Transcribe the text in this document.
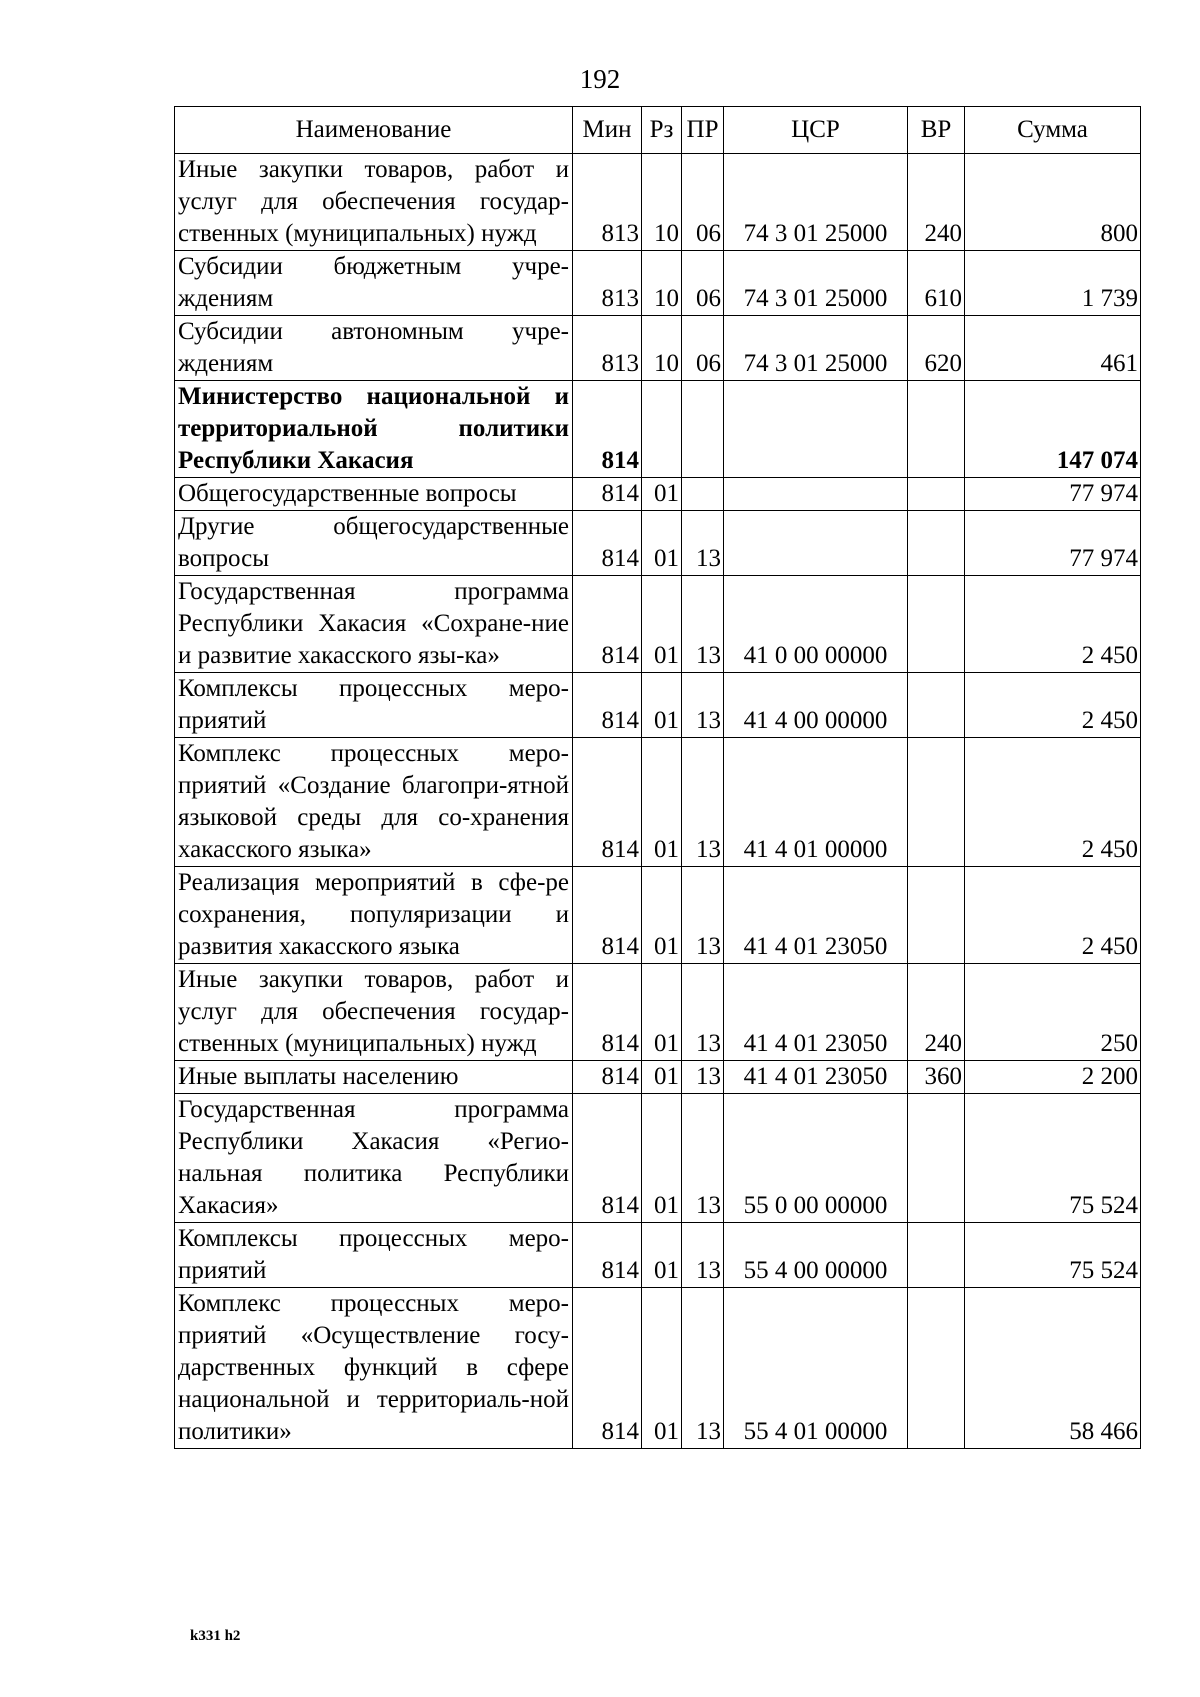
192
Наименование	Мин	Рз	ПР	ЦСР	ВР	Сумма
Иные закупки товаров, работ и услуг для обеспечения государ-ственных (муниципальных) нужд	813	10	06	74 3 01 25000	240	800
Субсидии бюджетным учре-ждениям	813	10	06	74 3 01 25000	610	1 739
Субсидии автономным учре-ждениям	813	10	06	74 3 01 25000	620	461
Министерство национальной и территориальной политики Республики Хакасия	814					147 074
Общегосударственные вопросы	814	01				77 974
Другие общегосударственные вопросы	814	01	13			77 974
Государственная программа Республики Хакасия «Сохране-ние и развитие хакасского язы-ка»	814	01	13	41 0 00 00000		2 450
Комплексы процессных меро-приятий	814	01	13	41 4 00 00000		2 450
Комплекс процессных меро-приятий «Создание благопри-ятной языковой среды для со-хранения хакасского языка»	814	01	13	41 4 01 00000		2 450
Реализация мероприятий в сфе-ре сохранения, популяризации и развития хакасского языка	814	01	13	41 4 01 23050		2 450
Иные закупки товаров, работ и услуг для обеспечения государ-ственных (муниципальных) нужд	814	01	13	41 4 01 23050	240	250
Иные выплаты населению	814	01	13	41 4 01 23050	360	2 200
Государственная программа Республики Хакасия «Регио-нальная политика Республики Хакасия»	814	01	13	55 0 00 00000		75 524
Комплексы процессных меро-приятий	814	01	13	55 4 00 00000		75 524
Комплекс процессных меро-приятий «Осуществление госу-дарственных функций в сфере национальной и территориаль-ной политики»	814	01	13	55 4 01 00000		58 466
k331 h2
